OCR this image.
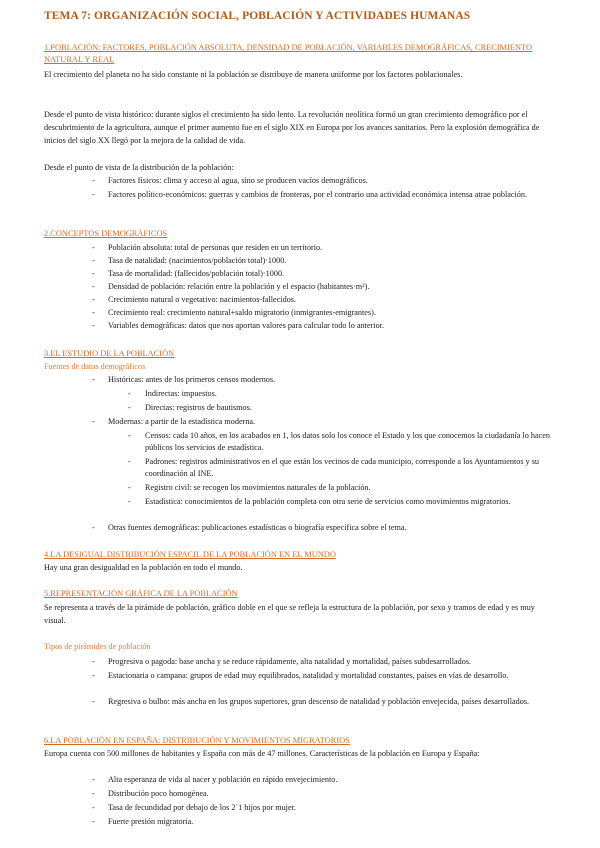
TEMA 7: ORGANIZACIÓN SOCIAL, POBLACIÓN Y ACTIVIDADES HUMANAS
1.POBLACIÓN: FACTORES, POBLACIÓN ABSOLUTA, DENSIDAD DE POBLACIÓN, VARIABLES DEMOGRÁFICAS, CRECIMIENTO NATURAL Y REAL
El crecimiento del planeta no ha sido constante ni la población se distribuye de manera uniforme por los factores poblacionales.
Desde el punto de vista histórico: durante siglos el crecimiento ha sido lento. La revolución neolítica formó un gran crecimiento demográfico por el descubrimiento de la agricultura, aunque el primer aumento fue en el siglo XIX en Europa por los avances sanitarios. Pero la explosión demográfica de inicios del siglo XX llegó por la mejora de la calidad de vida.
Desde el punto de vista de la distribución de la población:
- Factores físicos: clima y acceso al agua, sino se producen vacíos demográficos.
- Factores político-económicos: guerras y cambios de fronteras, por el contrario una actividad económica intensa atrae población.
2.CONCEPTOS DEMOGRÁFICOS
- Población absoluta: total de personas que residen en un territorio.
- Tasa de natalidad: (nacimientos/población total)·1000.
- Tasa de mortalidad: (fallecidos/población total)·1000.
- Densidad de población: relación entre la población y el espacio (habitantes·m²).
- Crecimiento natural o vegetativo: nacimientos-fallecidos.
- Crecimiento real: crecimiento natural+saldo migratorio (inmigrantes-emigrantes).
- Variables demográficas: datos que nos aportan valores para calcular todo lo anterior.
3.EL ESTUDIO DE LA POBLACIÓN
Fuentes de datos demográficos
- Históricas: antes de los primeros censos modernos.
- Indirectas: impuestos.
- Directas: registros de bautismos.
- Modernas: a partir de la estadística moderna.
- Censos: cada 10 años, en los acabados en 1, los datos solo los conoce el Estado y los que conocemos la ciudadanía lo hacen públicos los servicios de estadística.
- Padrones: registros administrativos en el que están los vecinos de cada municipio, corresponde a los Ayuntamientos y su coordinación al INE.
- Registro civil: se recogen los movimientos naturales de la población.
- Estadística: conocimientos de la población completa con otra serie de servicios como movimientos migratorios.
- Otras fuentes demográficas: publicaciones estadísticas o biografía específica sobre el tema.
4.LA DESIGUAL DISTRIBUCIÓN ESPACIL DE LA POBLACIÓN EN EL MUNDO
Hay una gran desigualdad en la población en todo el mundo.
5.REPRESENTACIÓN GRÁFICA DE LA POBLACIÓN
Se representa a través de la pirámide de población, gráfico doble en el que se refleja la estructura de la población, por sexo y tramos de edad y es muy visual.
Tipos de pirámides de población
- Progresiva o pagoda: base ancha y se reduce rápidamente, alta natalidad y mortalidad, países subdesarrollados.
- Estacionaria o campana: grupos de edad muy equilibrados, natalidad y mortalidad constantes, países en vías de desarrollo.
- Regresiva o bulbo: más ancha en los grupos superiores, gran descenso de natalidad y población envejecida, países desarrollados.
6.LA POBLACIÓN EN ESPAÑA: DISTRIBUCIÓN Y MOVIMIENTOS MIGRATORIOS
Europa cuenta con 500 millones de habitantes y España con más de 47 millones. Características de la población en Europa y España:
- Alta esperanza de vida al nacer y población en rápido envejecimiento.
- Distribución poco homogénea.
- Tasa de fecundidad por debajo de los 2´1 hijos por mujer.
- Fuerte presión migratoria.
